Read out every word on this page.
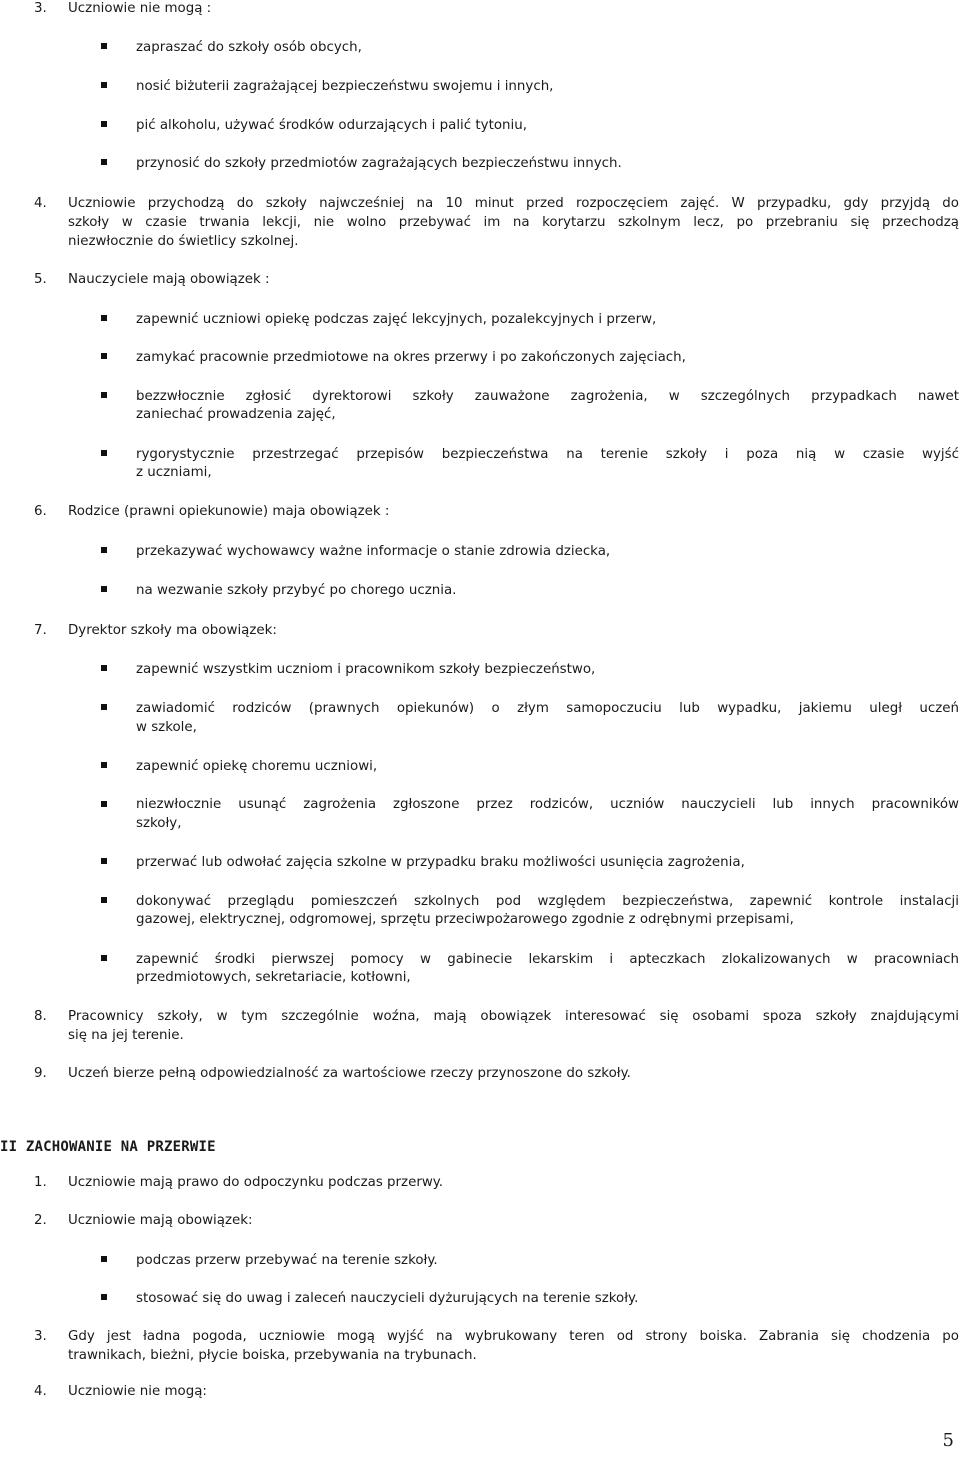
3. Uczniowie nie mogą :
zapraszać do szkoły osób obcych,
nosić biżuterii zagrażającej bezpieczeństwu swojemu i innych,
pić alkoholu, używać środków odurzających i palić tytoniu,
przynosić do szkoły przedmiotów zagrażających bezpieczeństwu innych.
4. Uczniowie przychodzą do szkoły najwcześniej na 10 minut przed rozpoczęciem zajęć. W przypadku, gdy przyjdą do
szkoły w czasie trwania lekcji, nie wolno przebywać im na korytarzu szkolnym lecz, po przebraniu się przechodzą
niezwłocznie do świetlicy szkolnej.
5. Nauczyciele mają obowiązek :
zapewnić uczniowi opiekę podczas zajęć lekcyjnych, pozalekcyjnych i przerw,
zamykać pracownie przedmiotowe na okres przerwy i po zakończonych zajęciach,
bezzwłocznie zgłosić dyrektorowi szkoły zauważone zagrożenia, w szczególnych przypadkach nawet
zaniechać prowadzenia zajęć,
rygorystycznie przestrzegać przepisów bezpieczeństwa na terenie szkoły i poza nią w czasie wyjść
z uczniami,
6. Rodzice (prawni opiekunowie) maja obowiązek :
przekazywać wychowawcy ważne informacje o stanie zdrowia dziecka,
na wezwanie szkoły przybyć po chorego ucznia.
7. Dyrektor szkoły ma obowiązek:
zapewnić wszystkim uczniom i pracownikom szkoły bezpieczeństwo,
zawiadomić rodziców (prawnych opiekunów) o złym samopoczuciu lub wypadku, jakiemu uległ uczeń
w szkole,
zapewnić opiekę choremu uczniowi,
niezwłocznie usunąć zagrożenia zgłoszone przez rodziców, uczniów nauczycieli lub innych pracowników
szkoły,
przerwać lub odwołać zajęcia szkolne w przypadku braku możliwości usunięcia zagrożenia,
dokonywać przeglądu pomieszczeń szkolnych pod względem bezpieczeństwa, zapewnić kontrole instalacji
gazowej, elektrycznej, odgromowej, sprzętu przeciwpożarowego zgodnie z odrębnymi przepisami,
zapewnić środki pierwszej pomocy w gabinecie lekarskim i apteczkach zlokalizowanych w pracowniach
przedmiotowych, sekretariacie, kotłowni,
8. Pracownicy szkoły, w tym szczególnie woźna, mają obowiązek interesować się osobami spoza szkoły znajdującymi
się na jej terenie.
9. Uczeń bierze pełną odpowiedzialność za wartościowe rzeczy przynoszone do szkoły.
II ZACHOWANIE NA PRZERWIE
1. Uczniowie mają prawo do odpoczynku podczas przerwy.
2. Uczniowie mają obowiązek:
podczas przerw przebywać na terenie szkoły.
stosować się do uwag i zaleceń nauczycieli dyżurujących na terenie szkoły.
3. Gdy jest ładna pogoda, uczniowie mogą wyjść na wybrukowany teren od strony boiska. Zabrania się chodzenia po
trawnikach, bieżni, płycie boiska, przebywania na trybunach.
4. Uczniowie nie mogą:
5
